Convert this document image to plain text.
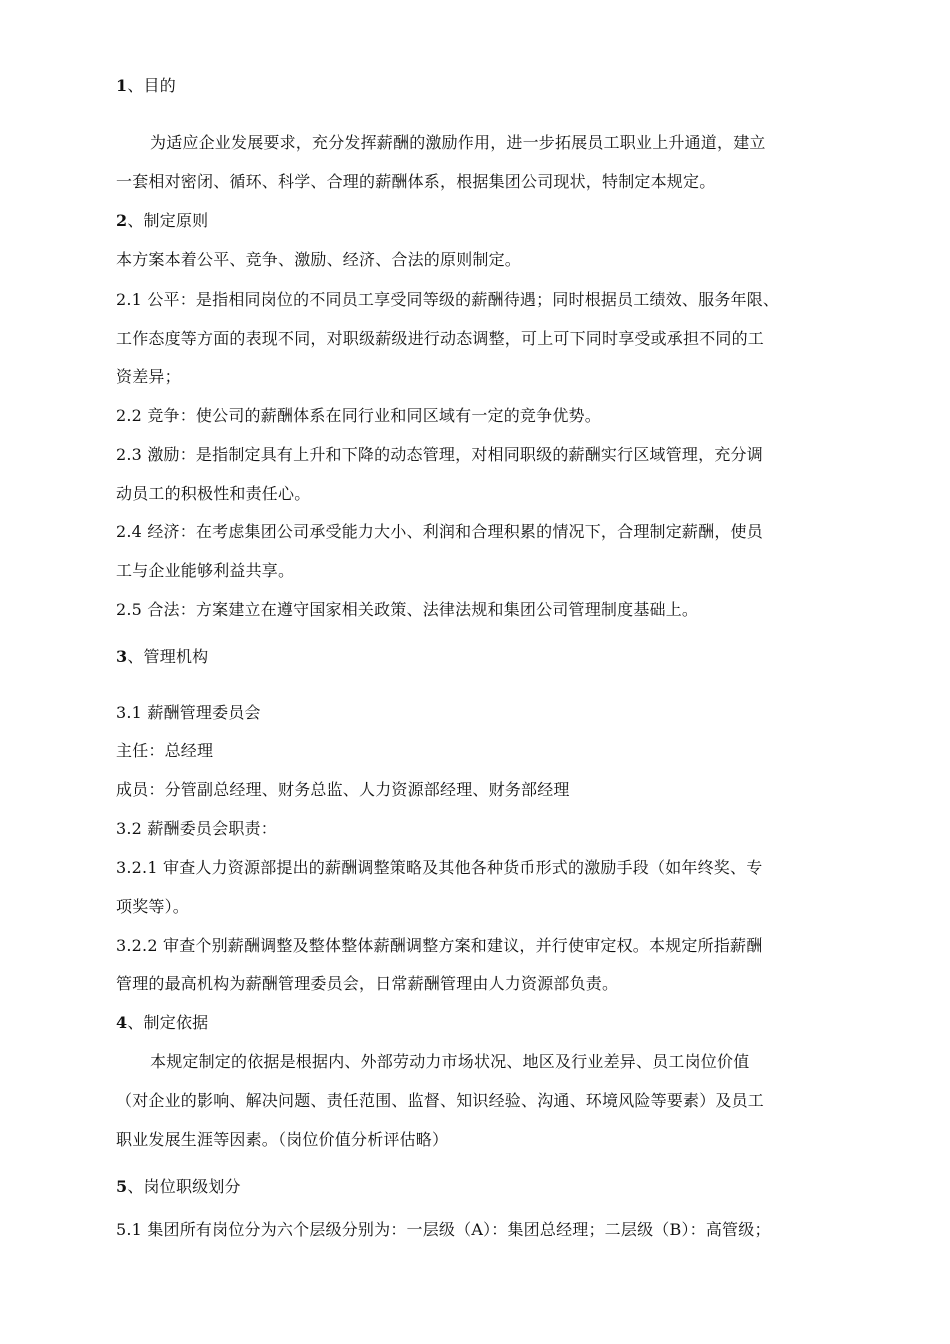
1、目的
为适应企业发展要求，充分发挥薪酬的激励作用，进一步拓展员工职业上升通道，建立
一套相对密闭、循环、科学、合理的薪酬体系，根据集团公司现状，特制定本规定。
2、制定原则
本方案本着公平、竞争、激励、经济、合法的原则制定。
2.1 公平：是指相同岗位的不同员工享受同等级的薪酬待遇；同时根据员工绩效、服务年限、
工作态度等方面的表现不同，对职级薪级进行动态调整，可上可下同时享受或承担不同的工
资差异；
2.2 竞争：使公司的薪酬体系在同行业和同区域有一定的竞争优势。
2.3 激励：是指制定具有上升和下降的动态管理，对相同职级的薪酬实行区域管理，充分调
动员工的积极性和责任心。
2.4 经济：在考虑集团公司承受能力大小、利润和合理积累的情况下，合理制定薪酬，使员
工与企业能够利益共享。
2.5 合法：方案建立在遵守国家相关政策、法律法规和集团公司管理制度基础上。
3、管理机构
3.1 薪酬管理委员会
主任：总经理
成员：分管副总经理、财务总监、人力资源部经理、财务部经理
3.2 薪酬委员会职责：
3.2.1 审查人力资源部提出的薪酬调整策略及其他各种货币形式的激励手段（如年终奖、专
项奖等）。
3.2.2 审查个别薪酬调整及整体整体薪酬调整方案和建议，并行使审定权。本规定所指薪酬
管理的最高机构为薪酬管理委员会，日常薪酬管理由人力资源部负责。
4、制定依据
本规定制定的依据是根据内、外部劳动力市场状况、地区及行业差异、员工岗位价值
（对企业的影响、解决问题、责任范围、监督、知识经验、沟通、环境风险等要素）及员工
职业发展生涯等因素。（岗位价值分析评估略）
5、岗位职级划分
5.1 集团所有岗位分为六个层级分别为：一层级（A）：集团总经理；二层级（B）：高管级；
